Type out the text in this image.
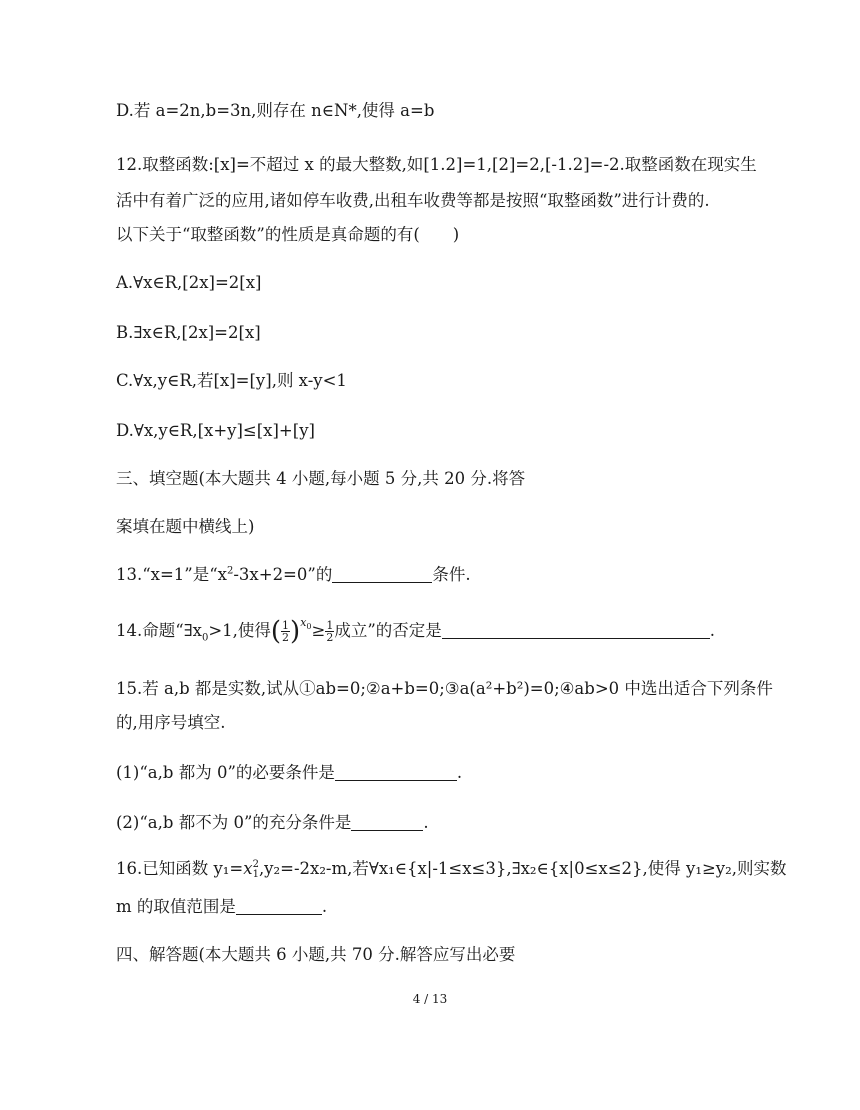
D.若 a=2n,b=3n,则存在 n∈N*,使得 a=b
12.取整函数:[x]=不超过 x 的最大整数,如[1.2]=1,[2]=2,[-1.2]=-2.取整函数在现实生
活中有着广泛的应用,诸如停车收费,出租车收费等都是按照“取整函数”进行计费的.
以下关于“取整函数”的性质是真命题的有(　　)
A.∀x∈R,[2x]=2[x]
B.∃x∈R,[2x]=2[x]
C.∀x,y∈R,若[x]=[y],则 x-y<1
D.∀x,y∈R,[x+y]≤[x]+[y]
三、填空题(本大题共 4 小题,每小题 5 分,共 20 分.将答
案填在题中横线上)
13.“x=1”是“$x^2-3x+2=0$”的	条件.
14.命题“$\exists x_0>1$,使得( $\frac{1}{2} )^{x_0}\ge \frac{1}{2}$ 成立”的否定是	.
15.若 a,b 都是实数,试从①ab=0;②a+b=0;③a(a²+b²)=0;④ab>0 中选出适合下列条件
的,用序号填空.
(1)“a,b 都为 0”的必要条件是	.
(2)“a,b 都不为 0”的充分条件是	.
16.已知函数 y₁=x 2
1 ,y₂=-2x₂-m,若∀x₁∈{x|-1≤x≤3},∃x₂∈{x|0≤x≤2},使得 y₁≥y₂,则实数
m 的取值范围是	.
四、解答题(本大题共 6 小题,共 70 分.解答应写出必要
4 / 13
